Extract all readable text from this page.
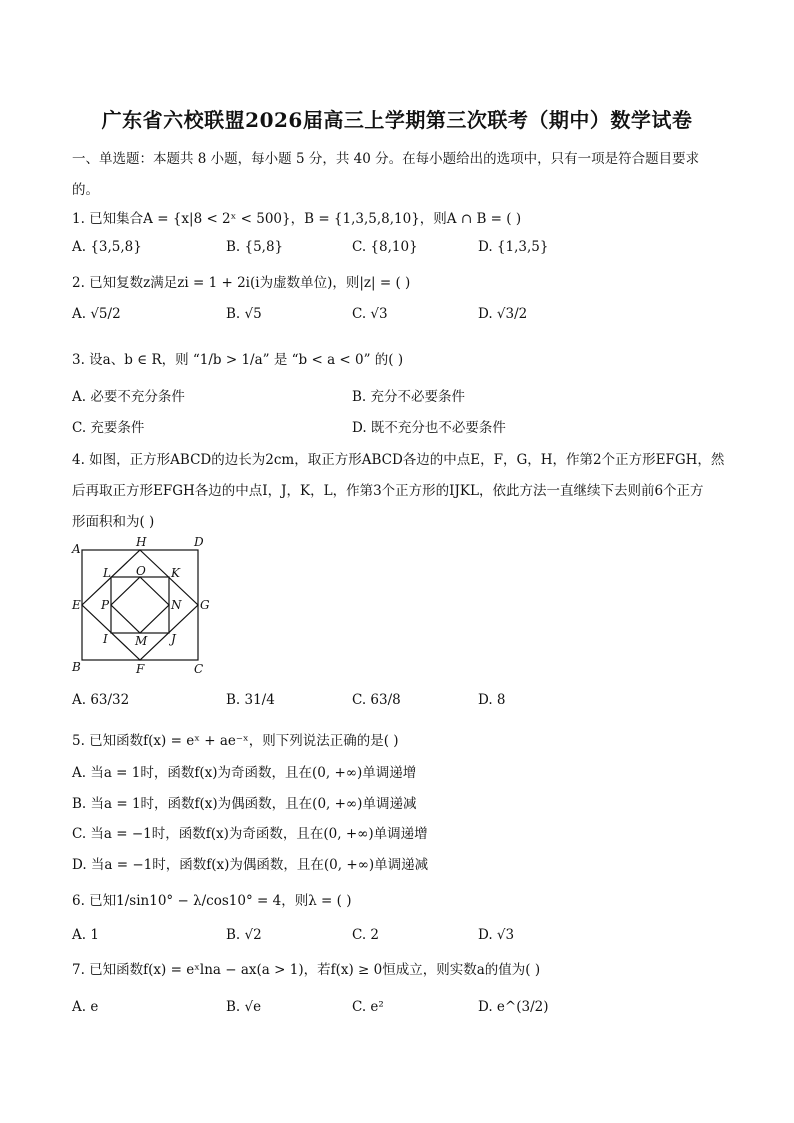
广东省六校联盟2026届高三上学期第三次联考（期中）数学试卷
一、单选题：本题共 8 小题，每小题 5 分，共 40 分。在每小题给出的选项中，只有一项是符合题目要求
的。
1. 已知集合A = {x|8 < 2ˣ < 500}，B = {1,3,5,8,10}，则A ∩ B = ( )
A. {3,5,8}	B. {5,8}	C. {8,10}	D. {1,3,5}
2. 已知复数z满足zi = 1 + 2i(i为虚数单位)，则|z| = ( )
A. √5/2	B. √5	C. √3	D. √3/2
3. 设a、b ∈ R，则 “1/b > 1/a” 是 “b < a < 0” 的( )
A. 必要不充分条件	B. 充分不必要条件
C. 充要条件	D. 既不充分也不必要条件
4. 如图，正方形ABCD的边长为2cm，取正方形ABCD各边的中点E，F，G，H，作第2个正方形EFGH，然
后再取正方形EFGH各边的中点I，J，K，L，作第3个正方形的IJKL，依此方法一直继续下去则前6个正方
形面积和为( )
A	H	D
L O K
E P	N G
I M J
B	F	C
A. 63/32	B. 31/4	C. 63/8	D. 8
5. 已知函数f(x) = eˣ + ae⁻ˣ，则下列说法正确的是( )
A. 当a = 1时，函数f(x)为奇函数，且在(0, +∞)单调递增
B. 当a = 1时，函数f(x)为偶函数，且在(0, +∞)单调递减
C. 当a = −1时，函数f(x)为奇函数，且在(0, +∞)单调递增
D. 当a = −1时，函数f(x)为偶函数，且在(0, +∞)单调递减
6. 已知1/sin10° − λ/cos10° = 4，则λ = ( )
A. 1	B. √2	C. 2	D. √3
7. 已知函数f(x) = eˣlna − ax(a > 1)，若f(x) ≥ 0恒成立，则实数a的值为( )
A. e	B. √e	C. e²	D. e^(3/2)
